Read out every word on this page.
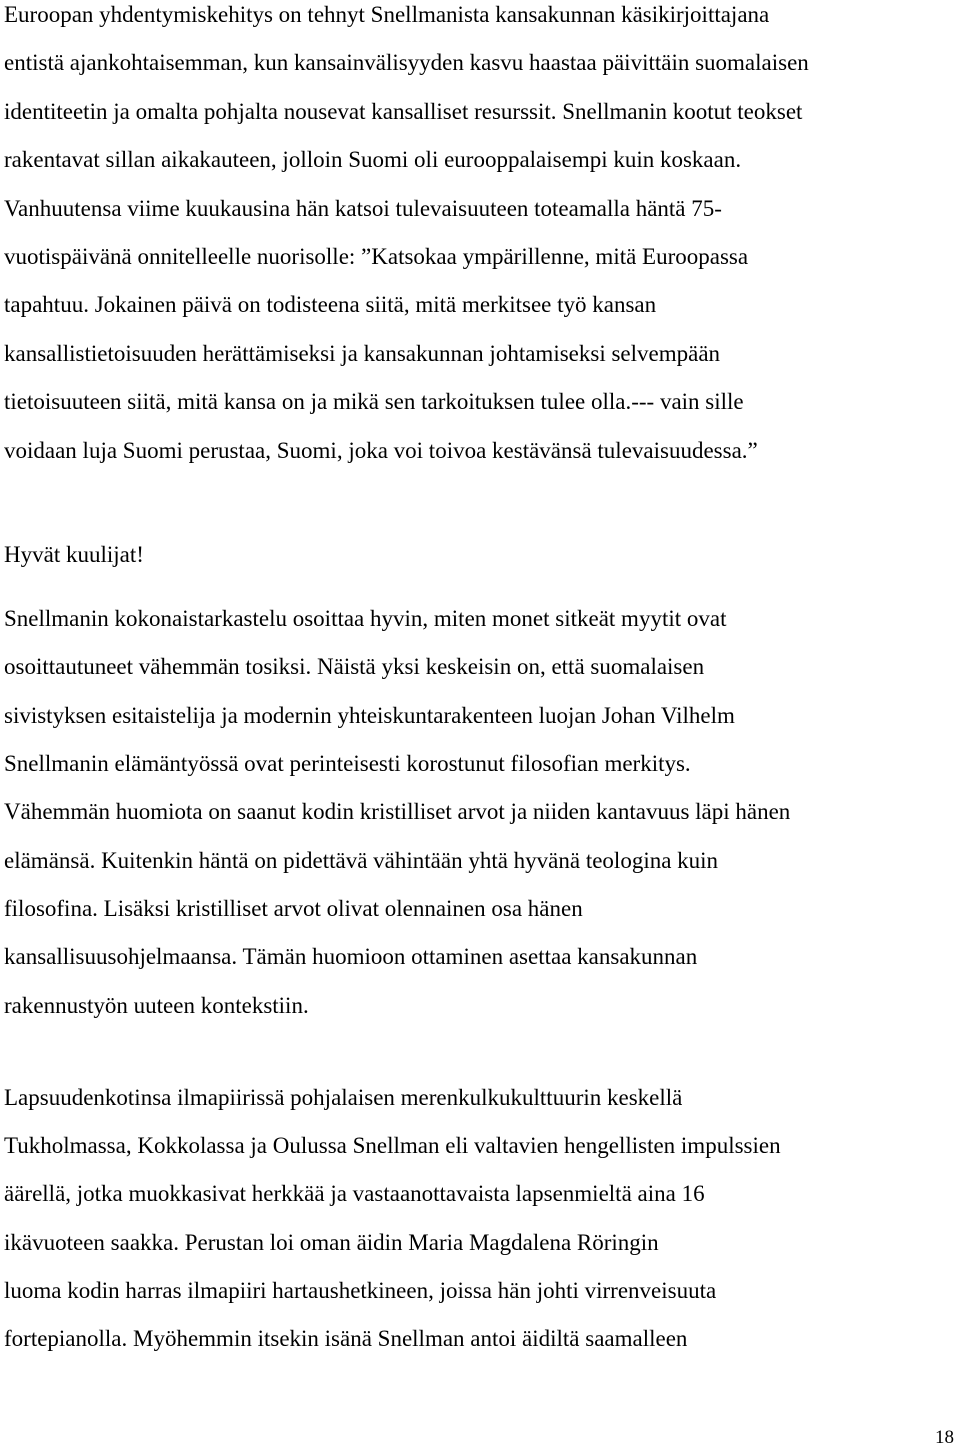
Euroopan yhdentymiskehitys on tehnyt Snellmanista kansakunnan käsikirjoittajana
entistä ajankohtaisemman, kun kansainvälisyyden kasvu haastaa päivittäin suomalaisen
identiteetin ja omalta pohjalta nousevat kansalliset resurssit. Snellmanin kootut teokset
rakentavat sillan aikakauteen, jolloin Suomi oli eurooppalaisempi kuin koskaan.
Vanhuutensa viime kuukausina hän katsoi tulevaisuuteen toteamalla häntä 75-
vuotispäivänä onnitelleelle nuorisolle: ”Katsokaa ympärillenne, mitä Euroopassa
tapahtuu. Jokainen päivä on todisteena siitä, mitä merkitsee työ kansan
kansallistietoisuuden herättämiseksi ja kansakunnan johtamiseksi selvempään
tietoisuuteen siitä, mitä kansa on ja mikä sen tarkoituksen tulee olla.--- vain sille
voidaan luja Suomi perustaa, Suomi, joka voi toivoa kestävänsä tulevaisuudessa.”
Hyvät kuulijat!
Snellmanin kokonaistarkastelu osoittaa hyvin, miten monet sitkeät myytit ovat
osoittautuneet vähemmän tosiksi. Näistä yksi keskeisin on, että suomalaisen
sivistyksen esitaistelija ja modernin yhteiskuntarakenteen luojan Johan Vilhelm
Snellmanin elämäntyössä ovat perinteisesti korostunut filosofian merkitys.
Vähemmän huomiota on saanut kodin kristilliset arvot ja niiden kantavuus läpi hänen
elämänsä. Kuitenkin häntä on pidettävä vähintään yhtä hyvänä teologina kuin
filosofina. Lisäksi kristilliset arvot olivat olennainen osa hänen
kansallisuusohjelmaansa. Tämän huomioon ottaminen asettaa kansakunnan
rakennustyön uuteen kontekstiin.
Lapsuudenkotinsa ilmapiirissä pohjalaisen merenkulkukulttuurin keskellä
Tukholmassa, Kokkolassa ja Oulussa Snellman eli valtavien hengellisten impulssien
äärellä, jotka muokkasivat herkkää ja vastaanottavaista lapsenmieltä aina 16
ikävuoteen saakka. Perustan loi oman äidin Maria Magdalena Röringin
luoma kodin harras ilmapiiri hartaushetkineen, joissa hän johti virrenveisuuta
fortepianolla. Myöhemmin itsekin isänä Snellman antoi äidiltä saamalleen
18
